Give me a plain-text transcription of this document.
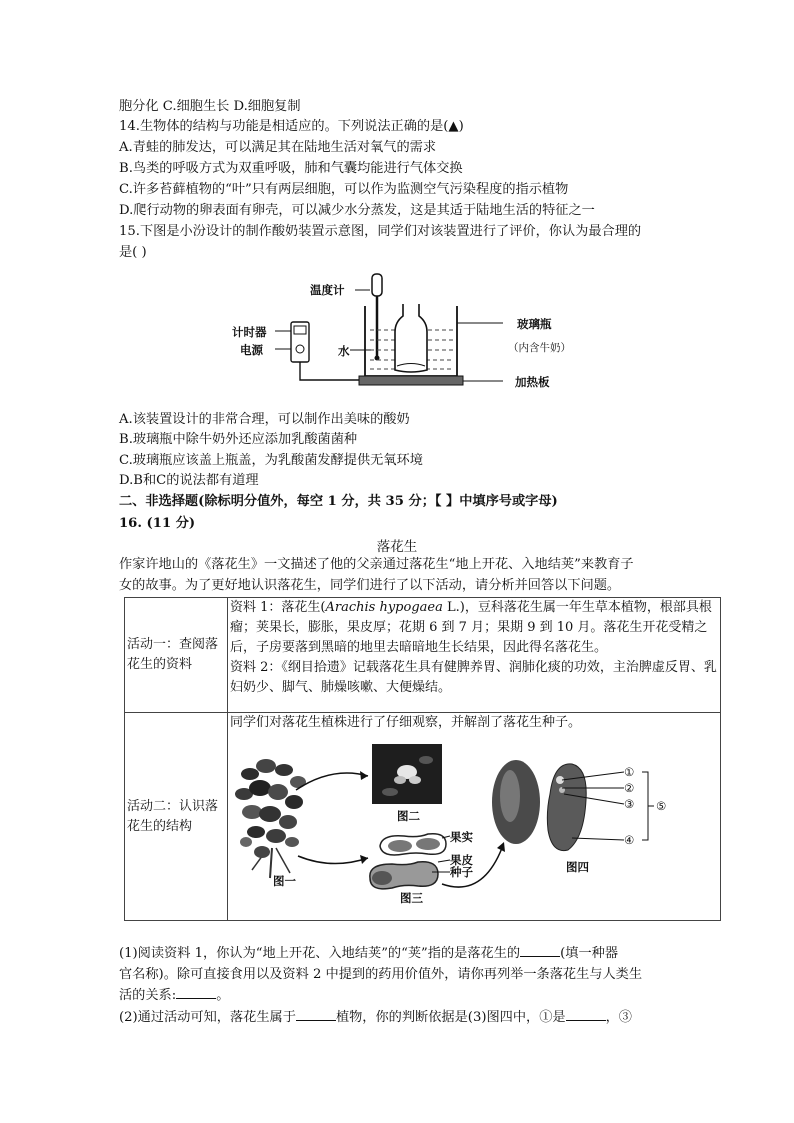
胞分化 C.细胞生长 D.细胞复制
14.生物体的结构与功能是相适应的。下列说法正确的是(▲)
A.青蛙的肺发达，可以满足其在陆地生活对氧气的需求
B.鸟类的呼吸方式为双重呼吸，肺和气囊均能进行气体交换
C.许多苔藓植物的“叶”只有两层细胞，可以作为监测空气污染程度的指示植物
D.爬行动物的卵表面有卵壳，可以减少水分蒸发，这是其适于陆地生活的特征之一
15.下图是小汾设计的制作酸奶装置示意图，同学们对该装置进行了评价，你认为最合理的
是( )
温度计
计时器
电源	水
玻璃瓶
（内含牛奶）
加热板
A.该装置设计的非常合理，可以制作出美味的酸奶
B.玻璃瓶中除牛奶外还应添加乳酸菌菌种
C.玻璃瓶应该盖上瓶盖，为乳酸菌发酵提供无氧环境
D.B和C的说法都有道理
二、非选择题(除标明分值外，每空 1 分，共 35 分；【 】中填序号或字母)
16. (11 分)
落花生
作家许地山的《落花生》一文描述了他的父亲通过落花生“地上开花、入地结荚”来教育子
女的故事。为了更好地认识落花生，同学们进行了以下活动，请分析并回答以下问题。
活动一：查阅落花生的资料	资料 1：落花生(Arachis hypogaea L.)，豆科落花生属一年生草本植物，根部具根瘤；荚果长，膨胀，果皮厚；花期 6 到 7 月；果期 9 到 10 月。落花生开花受精之后，子房要落到黑暗的地里去暗暗地生长结果，因此得名落花生。
资料 2：《纲目拾遗》记载落花生具有健脾养胃、润肺化痰的功效，主治脾虚反胃、乳妇奶少、脚气、肺燥咳嗽、大便燥结。

活动二：认识落花生的结构	同学们对落花生植株进行了仔细观察，并解剖了落花生种子。
图一
图二
图三
图四
果实
果皮
种子
①
②
③
④
⑤
(1)阅读资料 1，你认为“地上开花、入地结荚”的“荚”指的是落花生的	(填一种器
官名称)。除可直接食用以及资料 2 中提到的药用价值外，请你再列举一条落花生与人类生
活的关系:	。
(2)通过活动可知，落花生属于	植物，你的判断依据是(3)图四中，①是	，③
